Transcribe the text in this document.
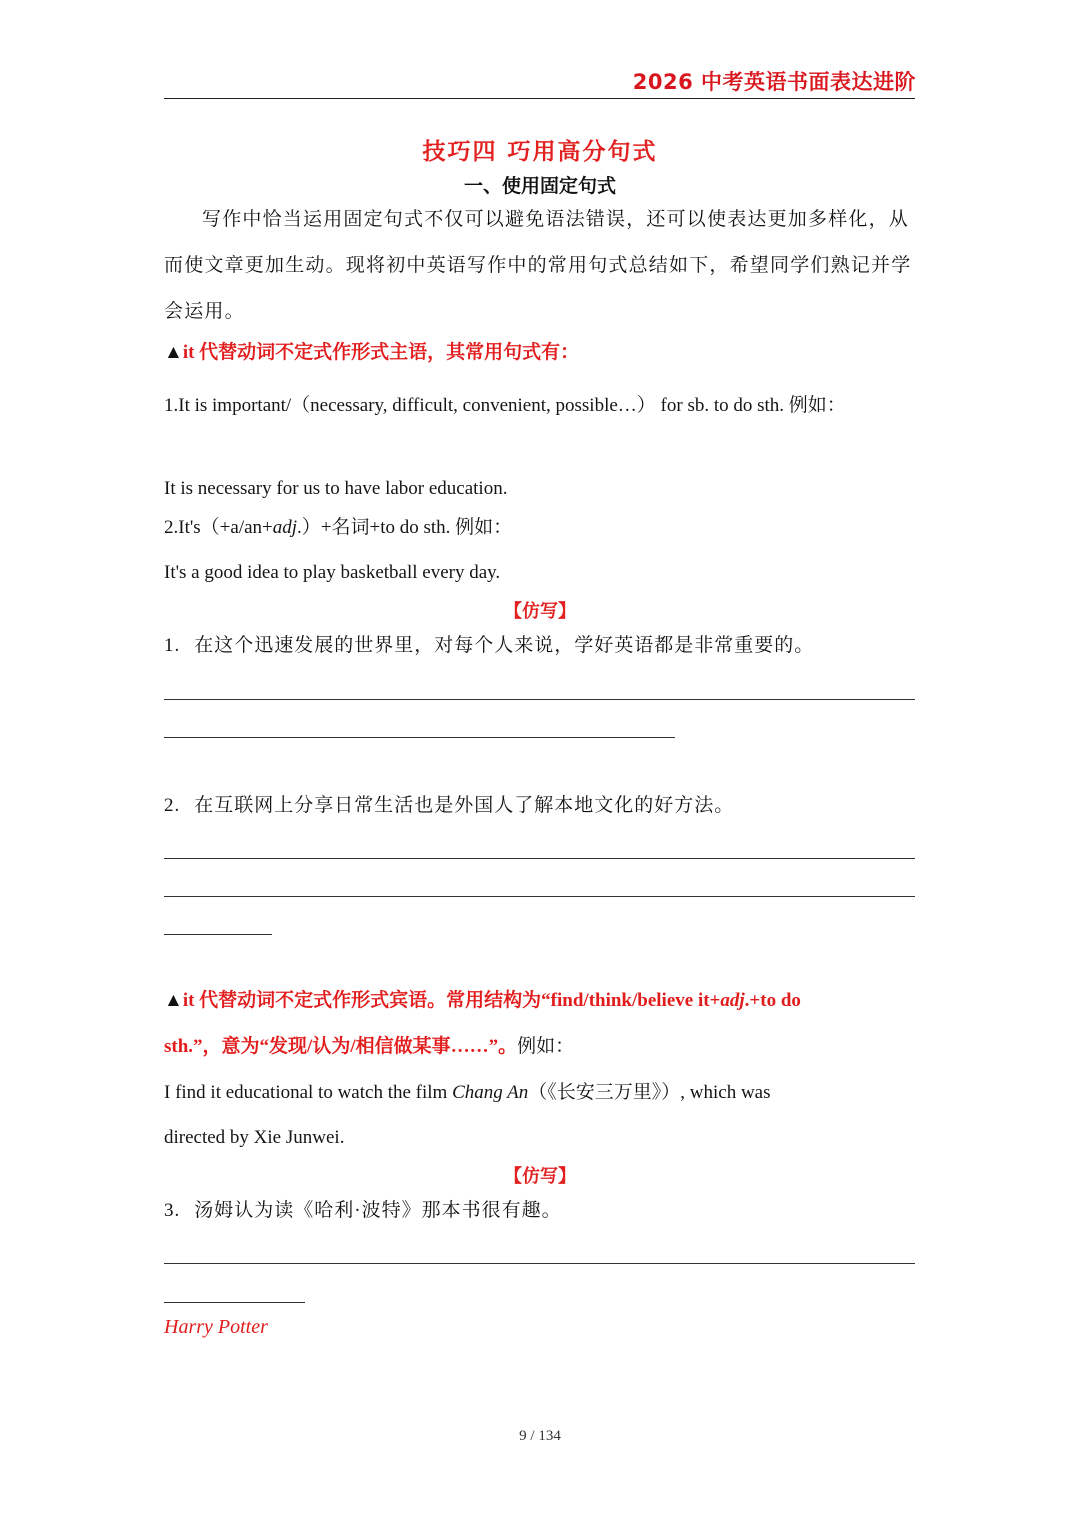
2026 中考英语书面表达进阶
技巧四 巧用高分句式
一、使用固定句式
写作中恰当运用固定句式不仅可以避免语法错误，还可以使表达更加多样化，从而使文章更加生动。现将初中英语写作中的常用句式总结如下，希望同学们熟记并学会运用。
▲it 代替动词不定式作形式主语，其常用句式有：
1.It is important/（necessary, difficult, convenient, possible…） for sb. to do sth. 例如：
It is necessary for us to have labor education.
2.It's（+a/an+adj.）+名词+to do sth. 例如：
It's a good idea to play basketball every day.
【仿写】
1. 在这个迅速发展的世界里，对每个人来说，学好英语都是非常重要的。
2. 在互联网上分享日常生活也是外国人了解本地文化的好方法。
▲it 代替动词不定式作形式宾语。常用结构为“find/think/believe it+adj.+to do
sth.”，意为“发现/认为/相信做某事……”。例如：
I find it educational to watch the film Chang An（《长安三万里》）, which was
directed by Xie Junwei.
【仿写】
3. 汤姆认为读《哈利·波特》那本书很有趣。
Harry Potter
9 / 134
